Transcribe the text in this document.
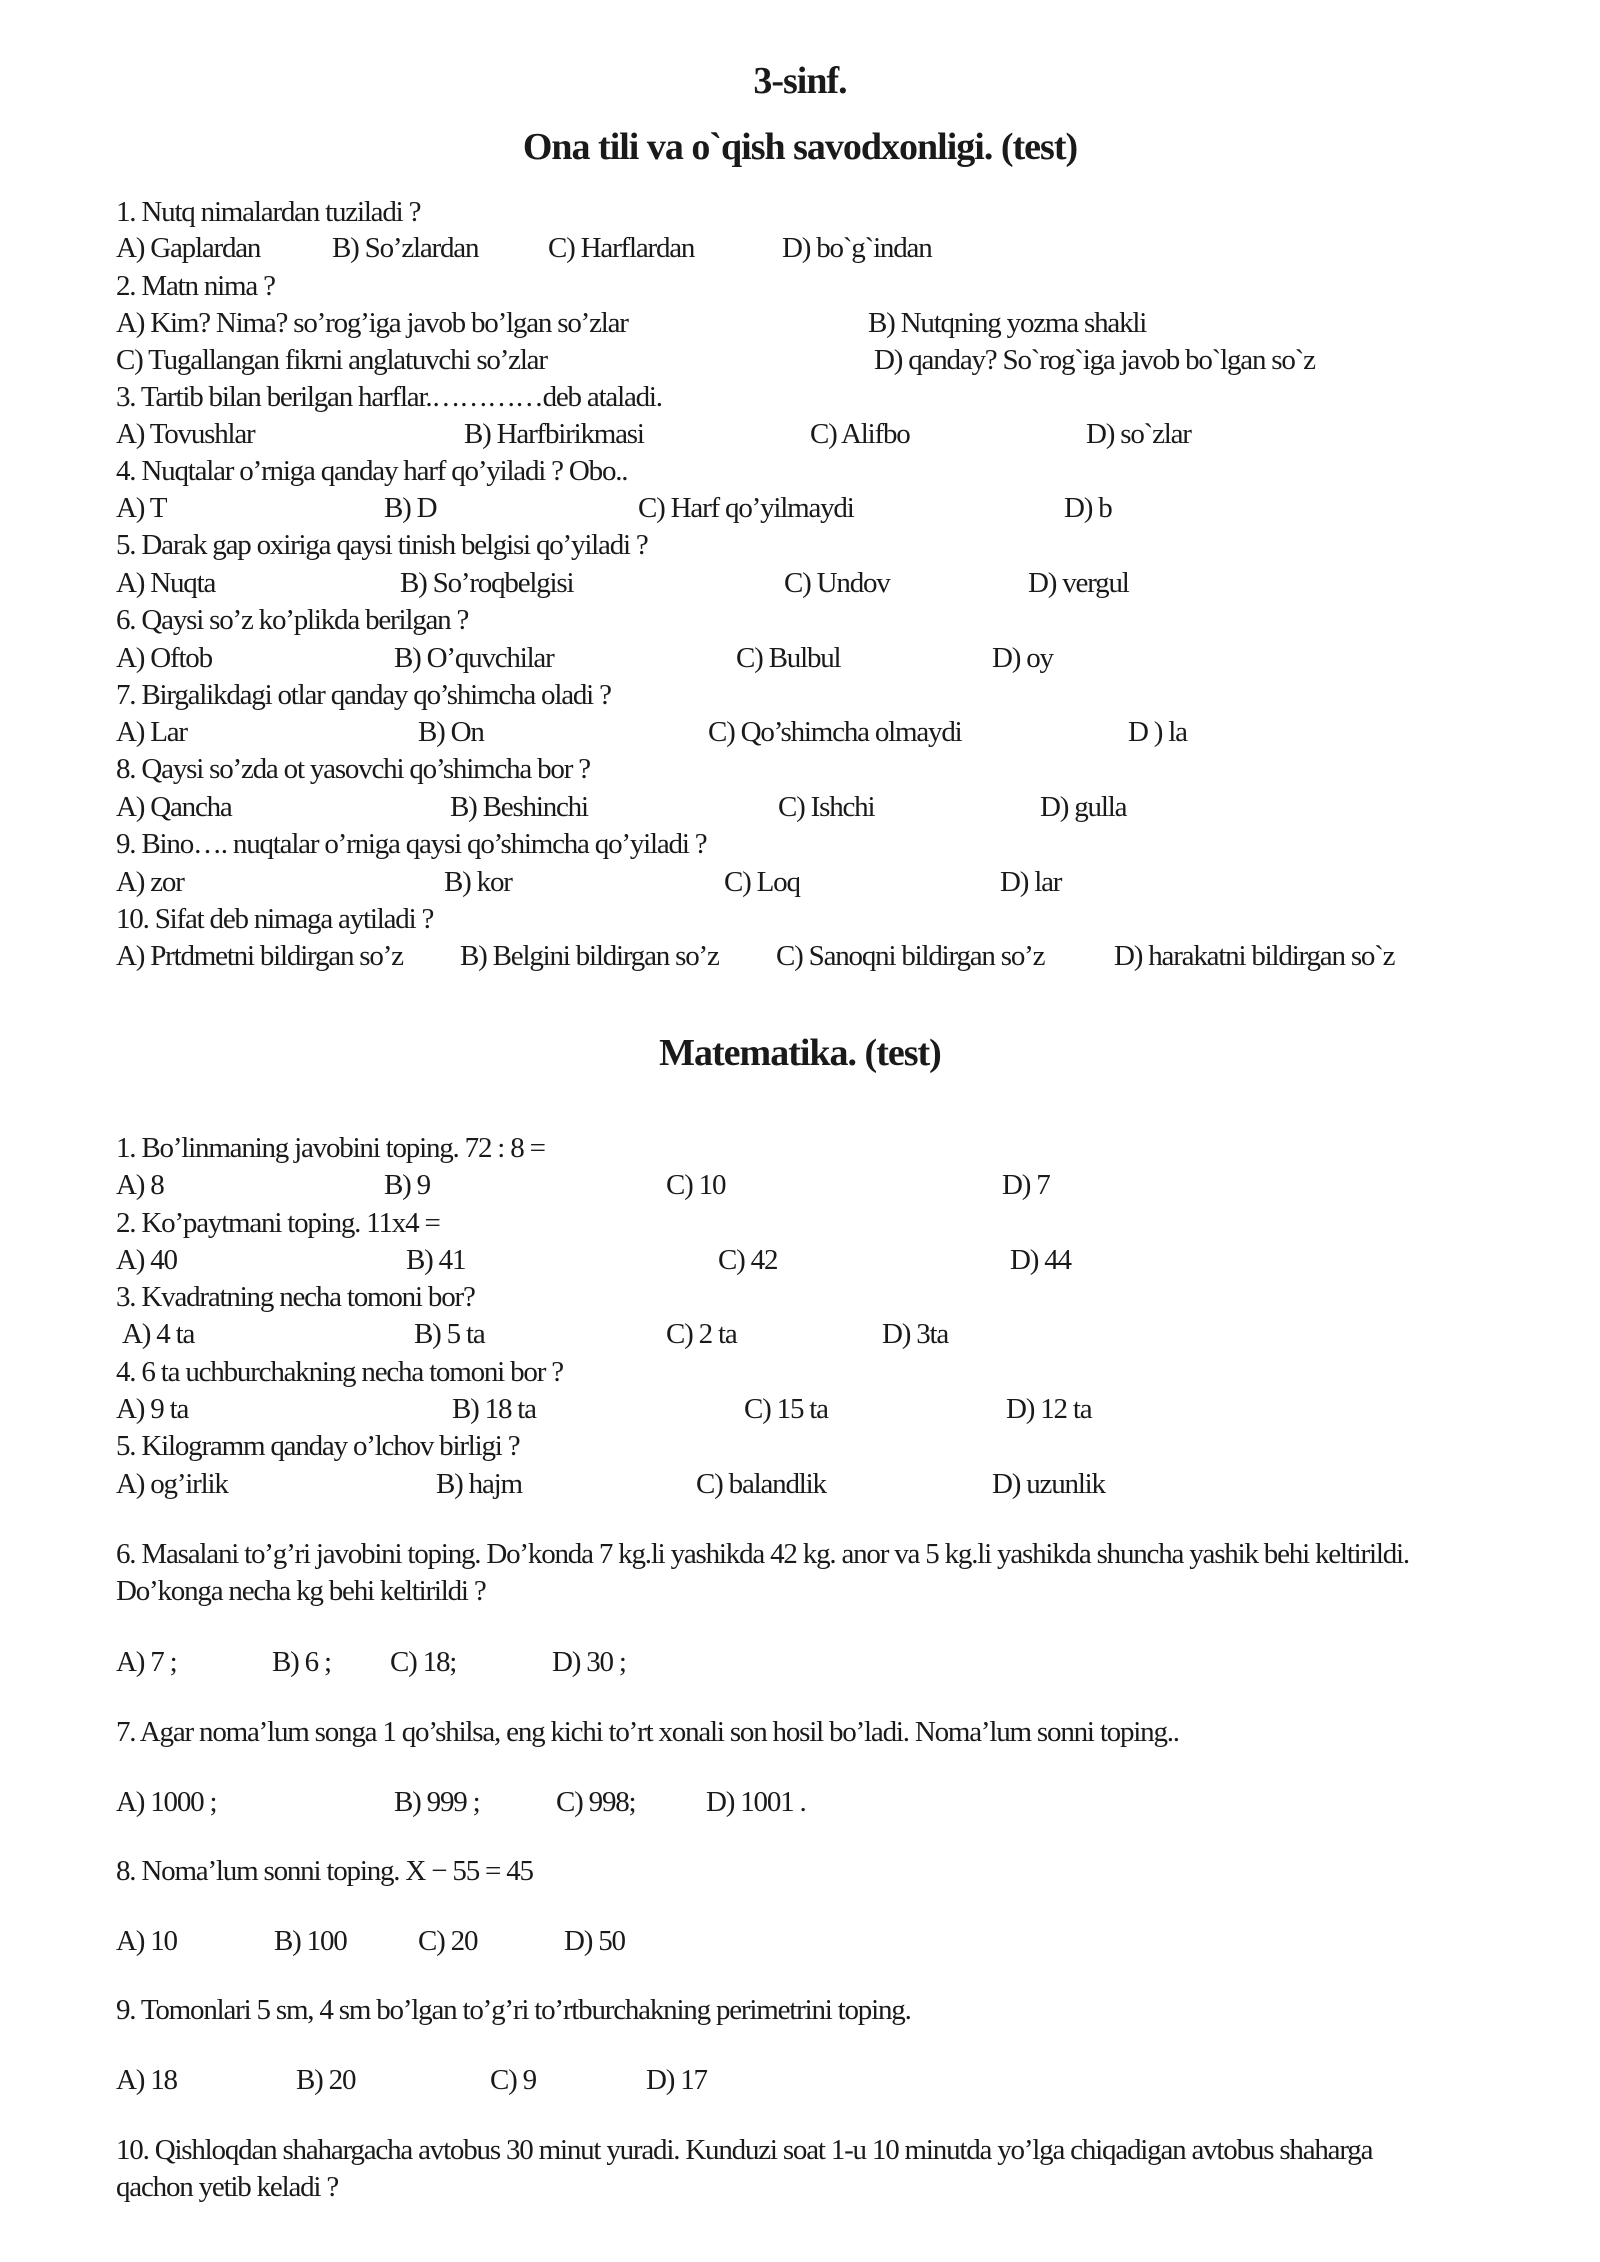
3-sinf.
Ona tili va o`qish savodxonligi. (test)
1. Nutq nimalardan tuziladi ?
A) Gaplardan B) So’zlardan C) Harflardan	D) bo`g`indan
2. Matn nima ?
A) Kim? Nima? so’rog’iga javob bo’lgan so’zlar	B) Nutqning yozma shakli
C) Tugallangan fikrni anglatuvchi so’zlar	D) qanday? So`rog`iga javob bo`lgan so`z
3. Tartib bilan berilgan harflar.…………deb ataladi.
A) Tovushlar	B) Harfbirikmasi	C) Alifbo	D) so`zlar
4. Nuqtalar o’rniga qanday harf qo’yiladi ? Obo..
A) T	B) D	C) Harf qo’yilmaydi	D) b
5. Darak gap oxiriga qaysi tinish belgisi qo’yiladi ?
A) Nuqta	B) So’roqbelgisi	C) Undov	D) vergul
6. Qaysi so’z ko’plikda berilgan ?
A) Oftob	B) O’quvchilar	C) Bulbul	D) oy
7. Birgalikdagi otlar qanday qo’shimcha oladi ?
A) Lar	B) On	C) Qo’shimcha olmaydi	D ) la
8. Qaysi so’zda ot yasovchi qo’shimcha bor ?
A) Qancha	B) Beshinchi	C) Ishchi	D) gulla
9. Bino…. nuqtalar o’rniga qaysi qo’shimcha qo’yiladi ?
A) zor	B) kor	C) Loq	D) lar
10. Sifat deb nimaga aytiladi ?
A) Prtdmetni bildirgan so’z B) Belgini bildirgan so’z C) Sanoqni bildirgan so’z D) harakatni bildirgan so`z
Matematika. (test)
1. Bo’linmaning javobini toping. 72 : 8 =
A) 8	B) 9	C) 10	D) 7
2. Ko’paytmani toping. 11x4 =
A) 40	B) 41	C) 42	D) 44
3. Kvadratning necha tomoni bor?
A) 4 ta	B) 5 ta	C) 2 ta	D) 3ta
4. 6 ta uchburchakning necha tomoni bor ?
A) 9 ta	B) 18 ta	C) 15 ta	D) 12 ta
5. Kilogramm qanday o’lchov birligi ?
A) og’irlik	B) hajm	C) balandlik	D) uzunlik
6. Masalani to’g’ri javobini toping. Do’konda 7 kg.li yashikda 42 kg. anor va 5 kg.li yashikda shuncha yashik behi keltirildi. Do’konga necha kg behi keltirildi ?
A) 7 ;	B) 6 ; C) 18;	D) 30 ;
7. Agar noma’lum songa 1 qo’shilsa, eng kichi to’rt xonali son hosil bo’ladi. Noma’lum sonni toping..
A) 1000 ;	B) 999 ;	C) 998; D) 1001 .
8. Noma’lum sonni toping. X − 55 = 45
A) 10	B) 100 C) 20	D) 50
9. Tomonlari 5 sm, 4 sm bo’lgan to’g’ri to’rtburchakning perimetrini toping.
A) 18	B) 20	C) 9	D) 17
10. Qishloqdan shahargacha avtobus 30 minut yuradi. Kunduzi soat 1-u 10 minutda yo’lga chiqadigan avtobus shaharga qachon yetib keladi ?
